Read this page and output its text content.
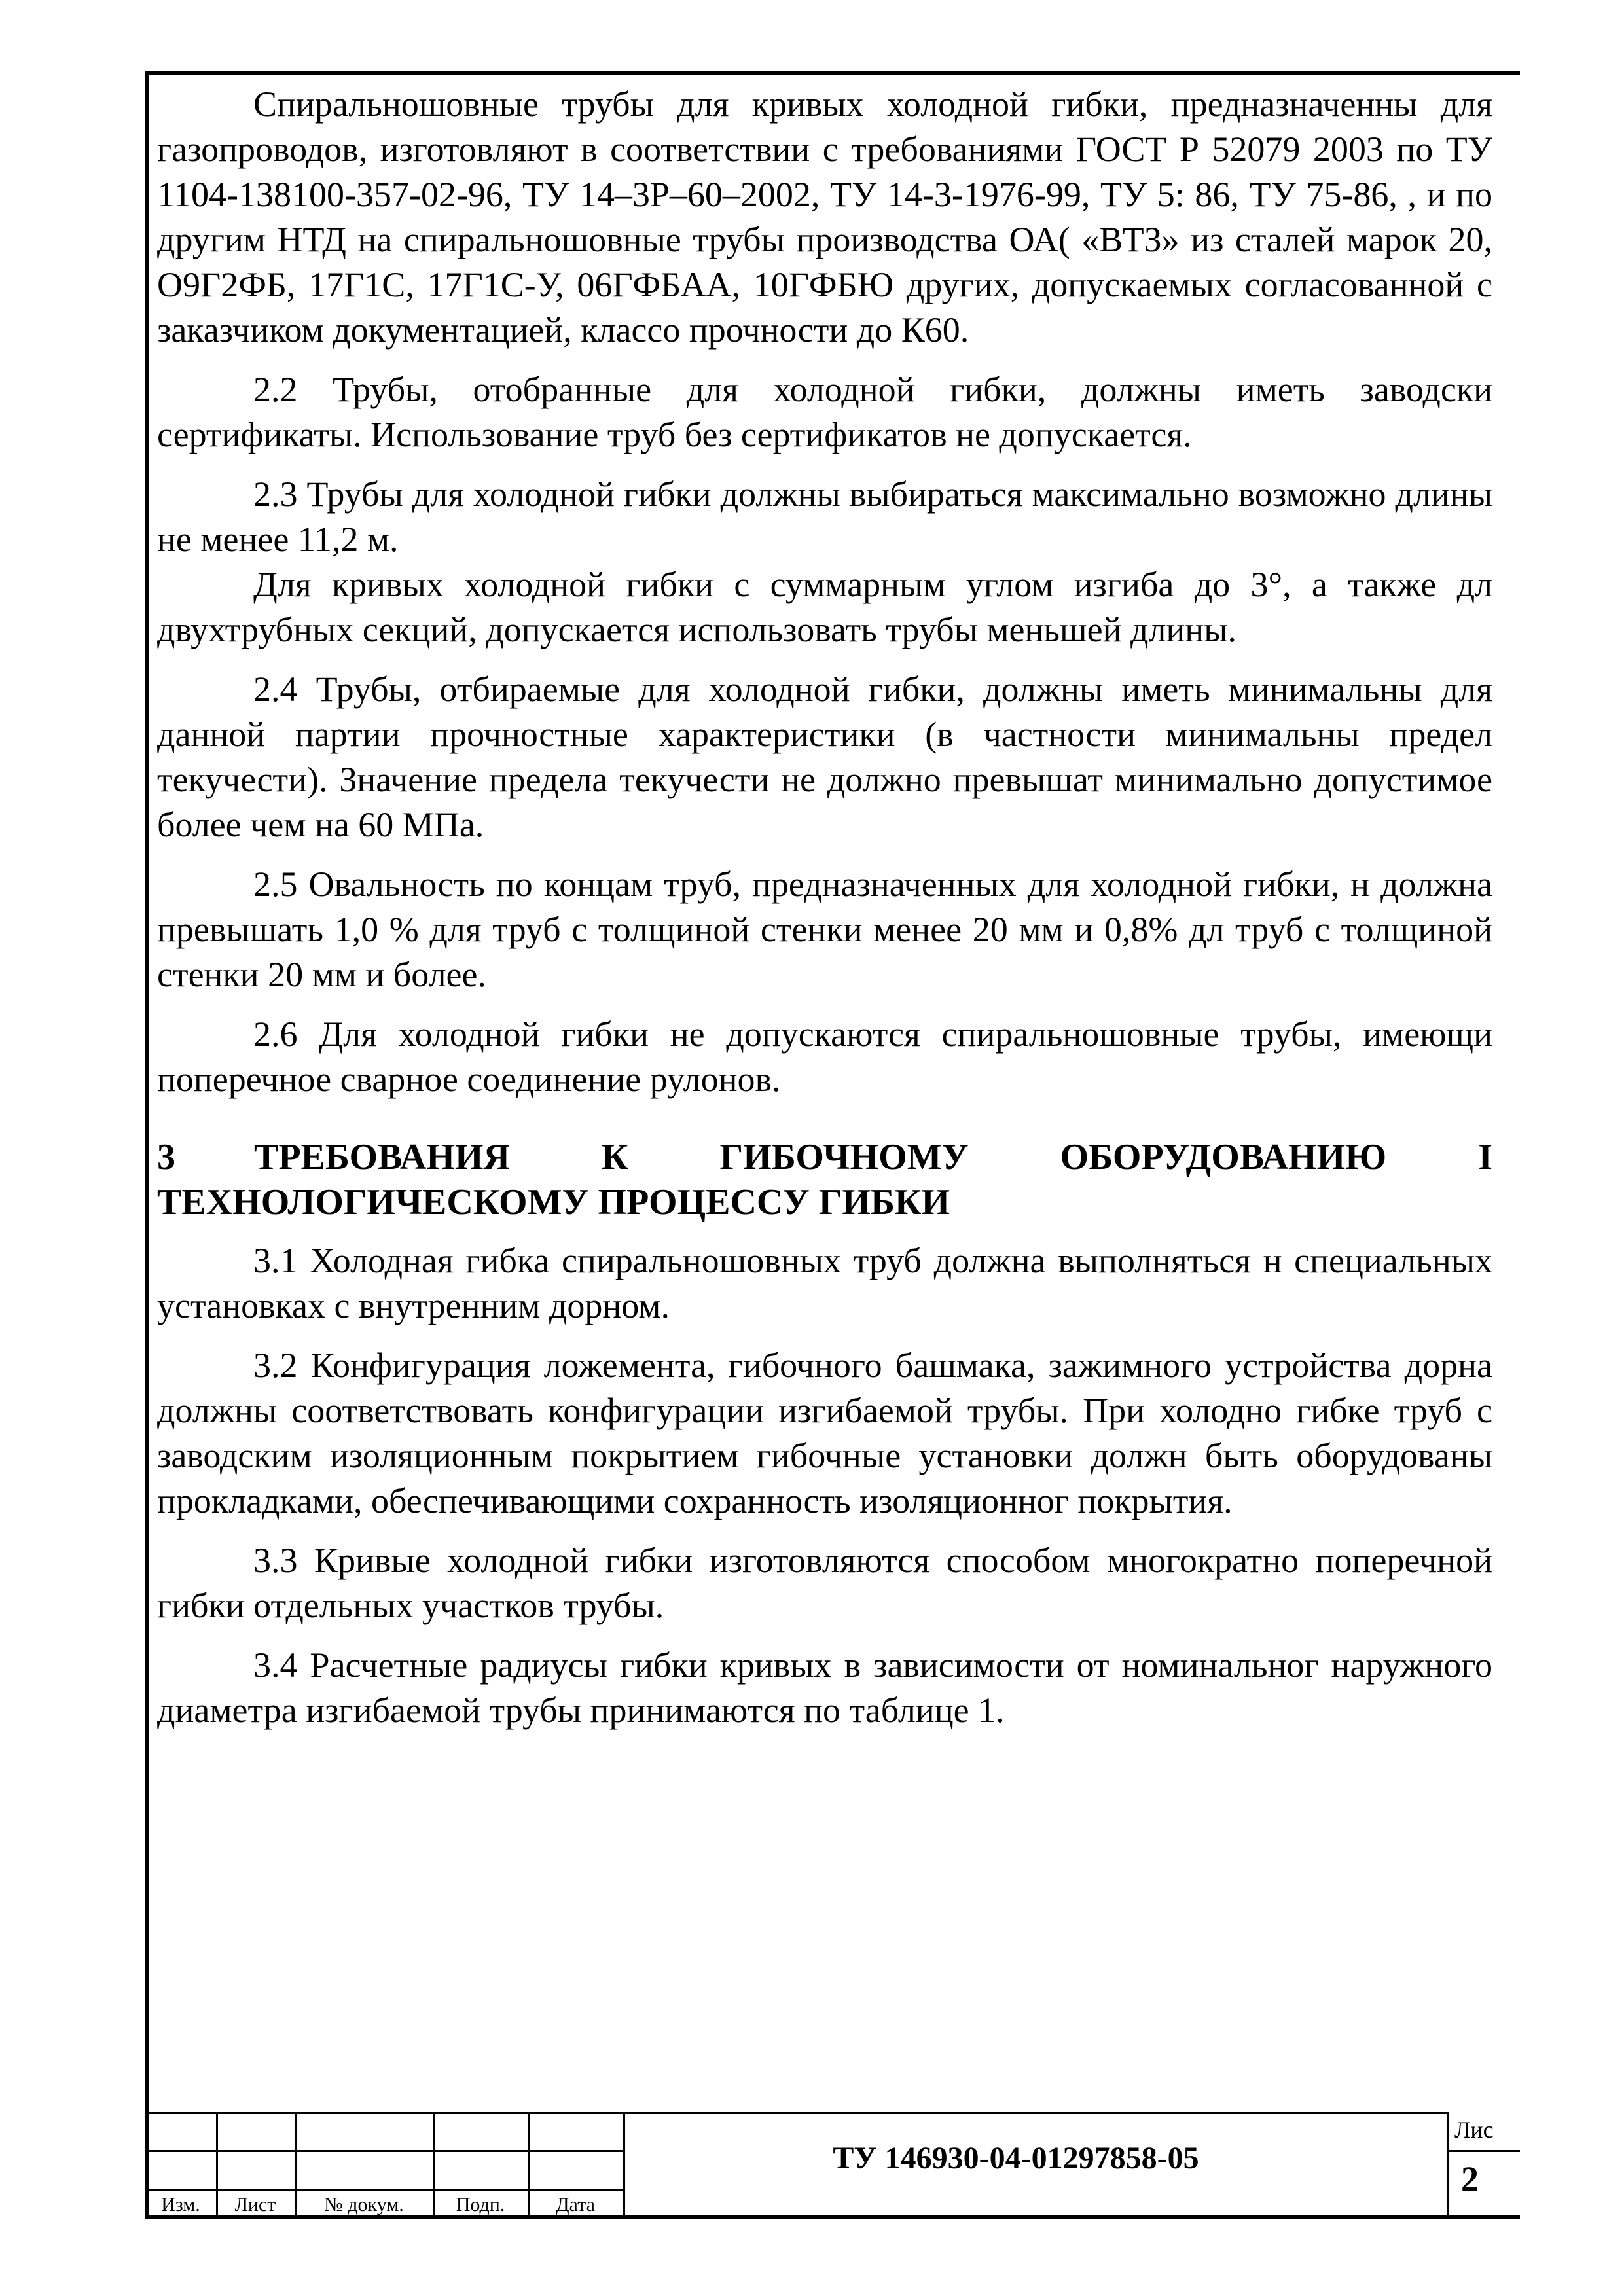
Спиральношовные трубы для кривых холодной гибки, предназначенны для газопроводов, изготовляют в соответствии с требованиями ГОСТ Р 52079 2003 по ТУ 1104-138100-357-02-96, ТУ 14–3Р–60–2002, ТУ 14-3-1976-99, ТУ 5: 86, ТУ 75-86, , и по другим НТД на спиральношовные трубы производства ОА( «ВТЗ» из сталей марок 20, О9Г2ФБ, 17Г1С, 17Г1С-У, 06ГФБАА, 10ГФБЮ других, допускаемых согласованной с заказчиком документацией, классо прочности до К60.

2.2 Трубы, отобранные для холодной гибки, должны иметь заводски сертификаты. Использование труб без сертификатов не допускается.

2.3 Трубы для холодной гибки должны выбираться максимально возможно длины не менее 11,2 м.

Для кривых холодной гибки с суммарным углом изгиба до 3°, а также дл двухтрубных секций, допускается использовать трубы меньшей длины.

2.4 Трубы, отбираемые для холодной гибки, должны иметь минимальны для данной партии прочностные характеристики (в частности минимальны предел текучести). Значение предела текучести не должно превышат минимально допустимое более чем на 60 МПа.

2.5 Овальность по концам труб, предназначенных для холодной гибки, н должна превышать 1,0 % для труб с толщиной стенки менее 20 мм и 0,8% дл труб с толщиной стенки 20 мм и более.

2.6 Для холодной гибки не допускаются спиральношовные трубы, имеющи поперечное сварное соединение рулонов.

3 ТРЕБОВАНИЯ К ГИБОЧНОМУ ОБОРУДОВАНИЮ І
ТЕХНОЛОГИЧЕСКОМУ ПРОЦЕССУ ГИБКИ

3.1 Холодная гибка спиральношовных труб должна выполняться н специальных установках с внутренним дорном.

3.2 Конфигурация ложемента, гибочного башмака, зажимного устройства дорна должны соответствовать конфигурации изгибаемой трубы. При холодно гибке труб с заводским изоляционным покрытием гибочные установки должн быть оборудованы прокладками, обеспечивающими сохранность изоляционног покрытия.

3.3 Кривые холодной гибки изготовляются способом многократно поперечной гибки отдельных участков трубы.

3.4 Расчетные радиусы гибки кривых в зависимости от номинальног наружного диаметра изгибаемой трубы принимаются по таблице 1.

Изм.	Лист	№ докум.	Подп.	Дата
ТУ 146930-04-01297858-05
Лис
2
